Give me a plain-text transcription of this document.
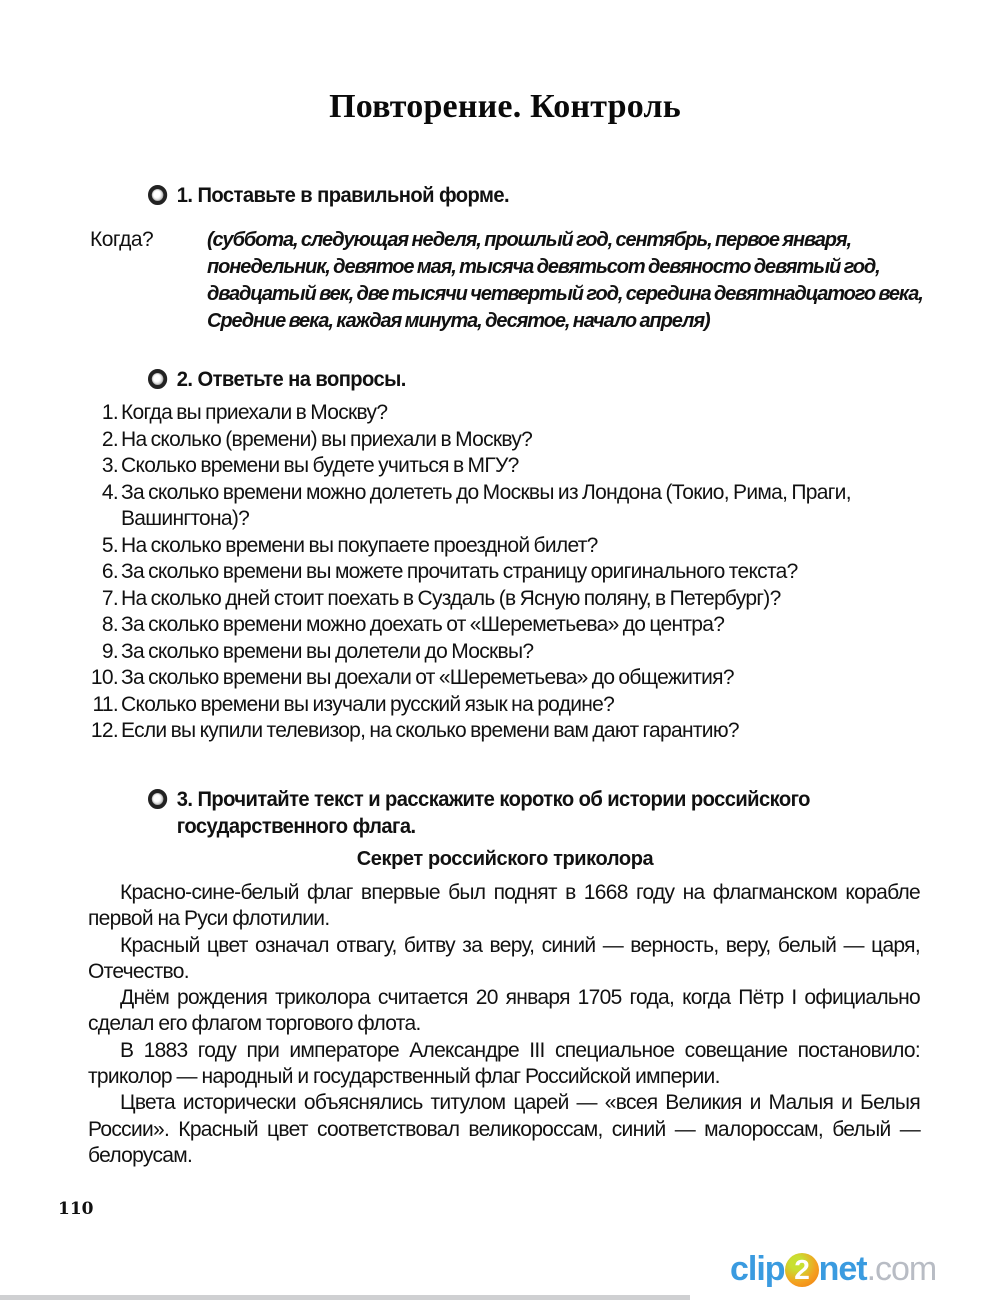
Повторение. Контроль
1. Поставьте в правильной форме.
Когда?	(суббота, следующая неделя, прошлый год, сентябрь, первое января, понедельник, девятое мая, тысяча девятьсот девяносто девятый год, двадцатый век, две тысячи четвертый год, середина девятнадцатого века, Средние века, каждая минута, десятое, начало апреля)
2. Ответьте на вопросы.
1. Когда вы приехали в Москву?
2. На сколько (времени) вы приехали в Москву?
3. Сколько времени вы будете учиться в МГУ?
4. За сколько времени можно долететь до Москвы из Лондона (Токио, Рима, Праги, Вашингтона)?
5. На сколько времени вы покупаете проездной билет?
6. За сколько времени вы можете прочитать страницу оригинального текста?
7. На сколько дней стоит поехать в Суздаль (в Ясную поляну, в Петербург)?
8. За сколько времени можно доехать от «Шереметьева» до центра?
9. За сколько времени вы долетели до Москвы?
10. За сколько времени вы доехали от «Шереметьева» до общежития?
11. Сколько времени вы изучали русский язык на родине?
12. Если вы купили телевизор, на сколько времени вам дают гарантию?
3. Прочитайте текст и расскажите коротко об истории российского
государственного флага.
Секрет российского триколора

Красно-сине-белый флаг впервые был поднят в 1668 году на флагманском корабле первой на Руси флотилии.

Красный цвет означал отвагу, битву за веру, синий — верность, веру, белый — царя, Отечество.

Днём рождения триколора считается 20 января 1705 года, когда Пётр I официально сделал его флагом торгового флота.

В 1883 году при императоре Александре III специальное совещание постановило: триколор — народный и государственный флаг Российской империи.

Цвета исторически объяснялись титулом царей — «всея Великия и Малыя и Белыя России». Красный цвет соответствовал великороссам, синий — малороссам, белый — белорусам.

110
clip 2 net.com
